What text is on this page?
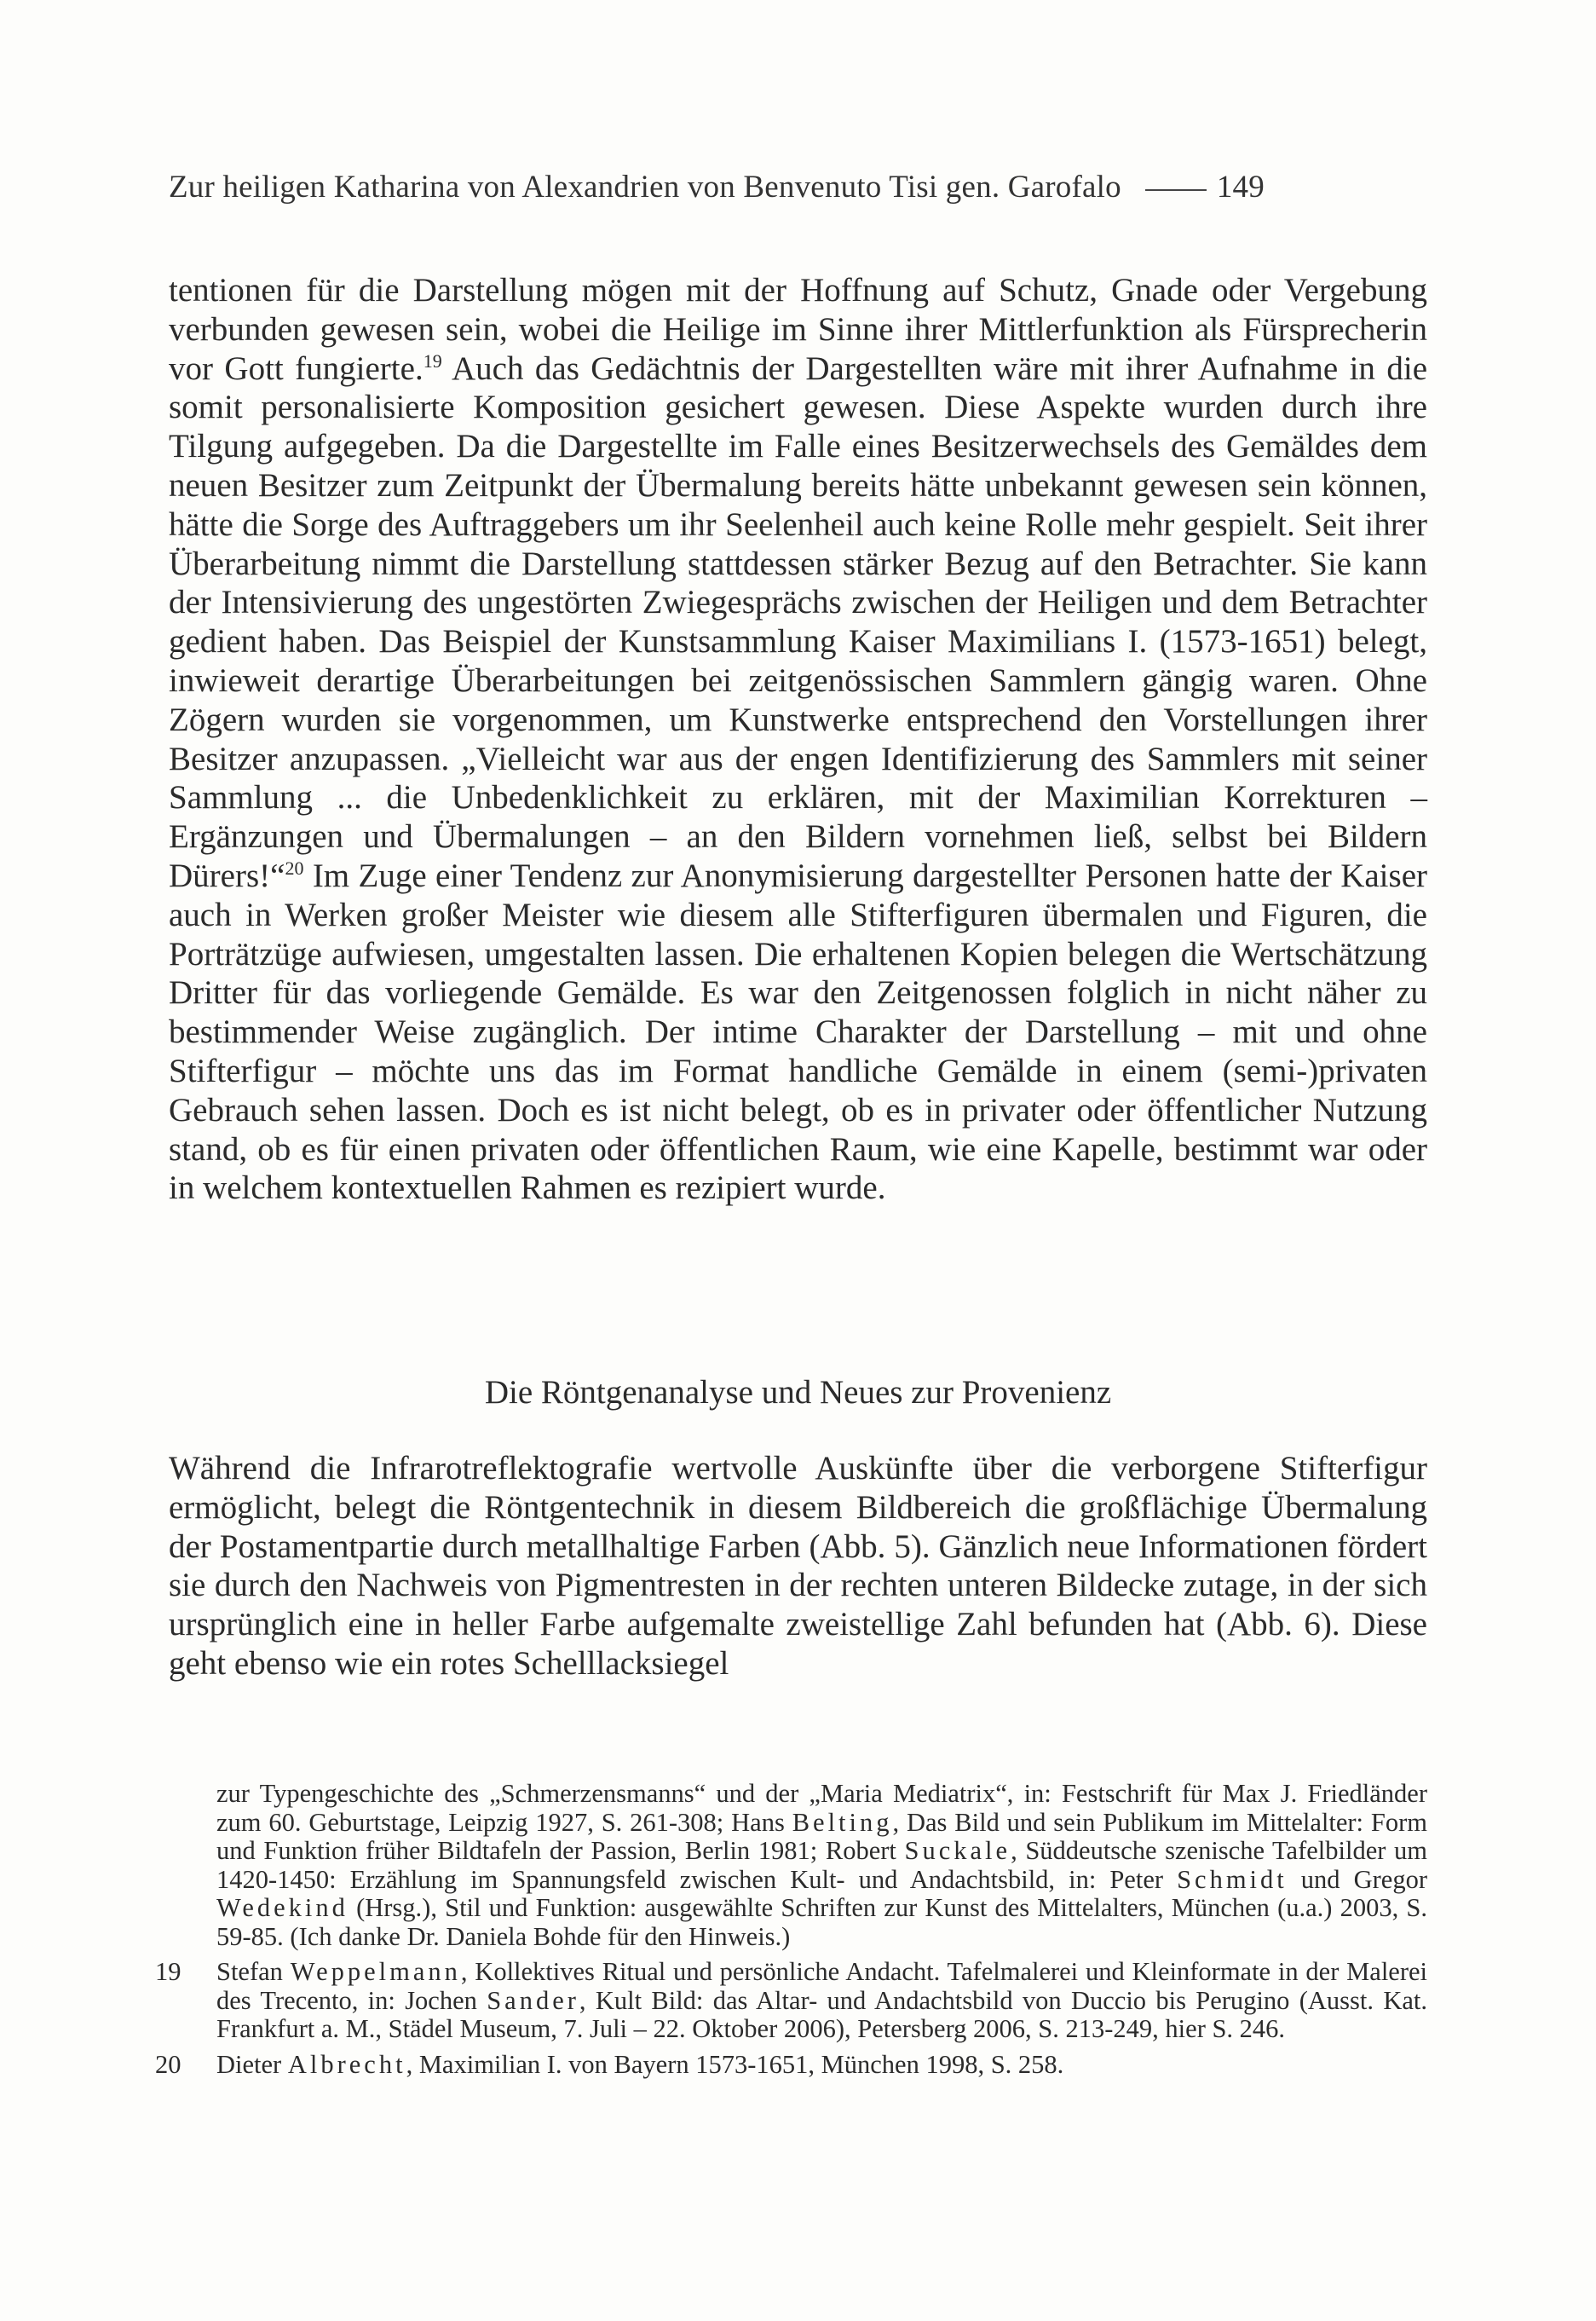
Zur heiligen Katharina von Alexandrien von Benvenuto Tisi gen. Garofalo	149

tentionen für die Darstellung mögen mit der Hoffnung auf Schutz, Gnade oder Vergebung verbunden gewesen sein, wobei die Heilige im Sinne ihrer Mittlerfunktion als Fürsprecherin vor Gott fungierte.$^{19}$ Auch das Gedächtnis der Dargestellten wäre mit ihrer Aufnahme in die somit personalisierte Komposition gesichert gewesen. Diese Aspekte wurden durch ihre Tilgung aufgegeben. Da die Dargestellte im Falle eines Besitzerwechsels des Gemäldes dem neuen Besitzer zum Zeitpunkt der Übermalung bereits hätte unbekannt gewesen sein können, hätte die Sorge des Auftraggebers um ihr Seelenheil auch keine Rolle mehr gespielt. Seit ihrer Überarbeitung nimmt die Darstellung stattdessen stärker Bezug auf den Betrachter. Sie kann der Intensivierung des ungestörten Zwiegesprächs zwischen der Heiligen und dem Betrachter gedient haben. Das Beispiel der Kunstsammlung Kaiser Maximilians I. (1573-1651) belegt, inwieweit derartige Überarbeitungen bei zeitgenössischen Sammlern gängig waren. Ohne Zögern wurden sie vorgenommen, um Kunstwerke entsprechend den Vorstellungen ihrer Besitzer anzupassen. „Vielleicht war aus der engen Identifizierung des Sammlers mit seiner Sammlung ... die Unbedenklichkeit zu erklären, mit der Maximilian Korrekturen – Ergänzungen und Übermalungen – an den Bildern vornehmen ließ, selbst bei Bildern Dürers!“$^{20}$ Im Zuge einer Tendenz zur Anonymisierung dargestellter Personen hatte der Kaiser auch in Werken großer Meister wie diesem alle Stifterfiguren übermalen und Figuren, die Porträtzüge aufwiesen, umgestalten lassen. Die erhaltenen Kopien belegen die Wertschätzung Dritter für das vorliegende Gemälde. Es war den Zeitgenossen folglich in nicht näher zu bestimmender Weise zugänglich. Der intime Charakter der Darstellung – mit und ohne Stifterfigur – möchte uns das im Format handliche Gemälde in einem (semi-)privaten Gebrauch sehen lassen. Doch es ist nicht belegt, ob es in privater oder öffentlicher Nutzung stand, ob es für einen privaten oder öffentlichen Raum, wie eine Kapelle, bestimmt war oder in welchem kontextuellen Rahmen es rezipiert wurde.

Die Röntgenanalyse und Neues zur Provenienz

Während die Infrarotreflektografie wertvolle Auskünfte über die verborgene Stifterfigur ermöglicht, belegt die Röntgentechnik in diesem Bildbereich die großflächige Übermalung der Postamentpartie durch metallhaltige Farben (Abb. 5). Gänzlich neue Informationen fördert sie durch den Nachweis von Pigmentresten in der rechten unteren Bildecke zutage, in der sich ursprünglich eine in heller Farbe aufgemalte zweistellige Zahl befunden hat (Abb. 6). Diese geht ebenso wie ein rotes Schelllacksiegel

zur Typengeschichte des „Schmerzensmanns“ und der „Maria Mediatrix“, in: Festschrift für Max J. Friedländer zum 60. Geburtstage, Leipzig 1927, S. 261-308; Hans Belting, Das Bild und sein Publikum im Mittelalter: Form und Funktion früher Bildtafeln der Passion, Berlin 1981; Robert Suckale, Süddeutsche szenische Tafelbilder um 1420-1450: Erzählung im Spannungsfeld zwischen Kult- und Andachtsbild, in: Peter Schmidt und Gregor Wedekind (Hrsg.), Stil und Funktion: ausgewählte Schriften zur Kunst des Mittelalters, München (u.a.) 2003, S. 59-85. (Ich danke Dr. Daniela Bohde für den Hinweis.)

19 Stefan Weppelmann, Kollektives Ritual und persönliche Andacht. Tafelmalerei und Kleinformate in der Malerei des Trecento, in: Jochen Sander, Kult Bild: das Altar- und Andachtsbild von Duccio bis Perugino (Ausst. Kat. Frankfurt a. M., Städel Museum, 7. Juli – 22. Oktober 2006), Petersberg 2006, S. 213-249, hier S. 246.

20 Dieter Albrecht, Maximilian I. von Bayern 1573-1651, München 1998, S. 258.
